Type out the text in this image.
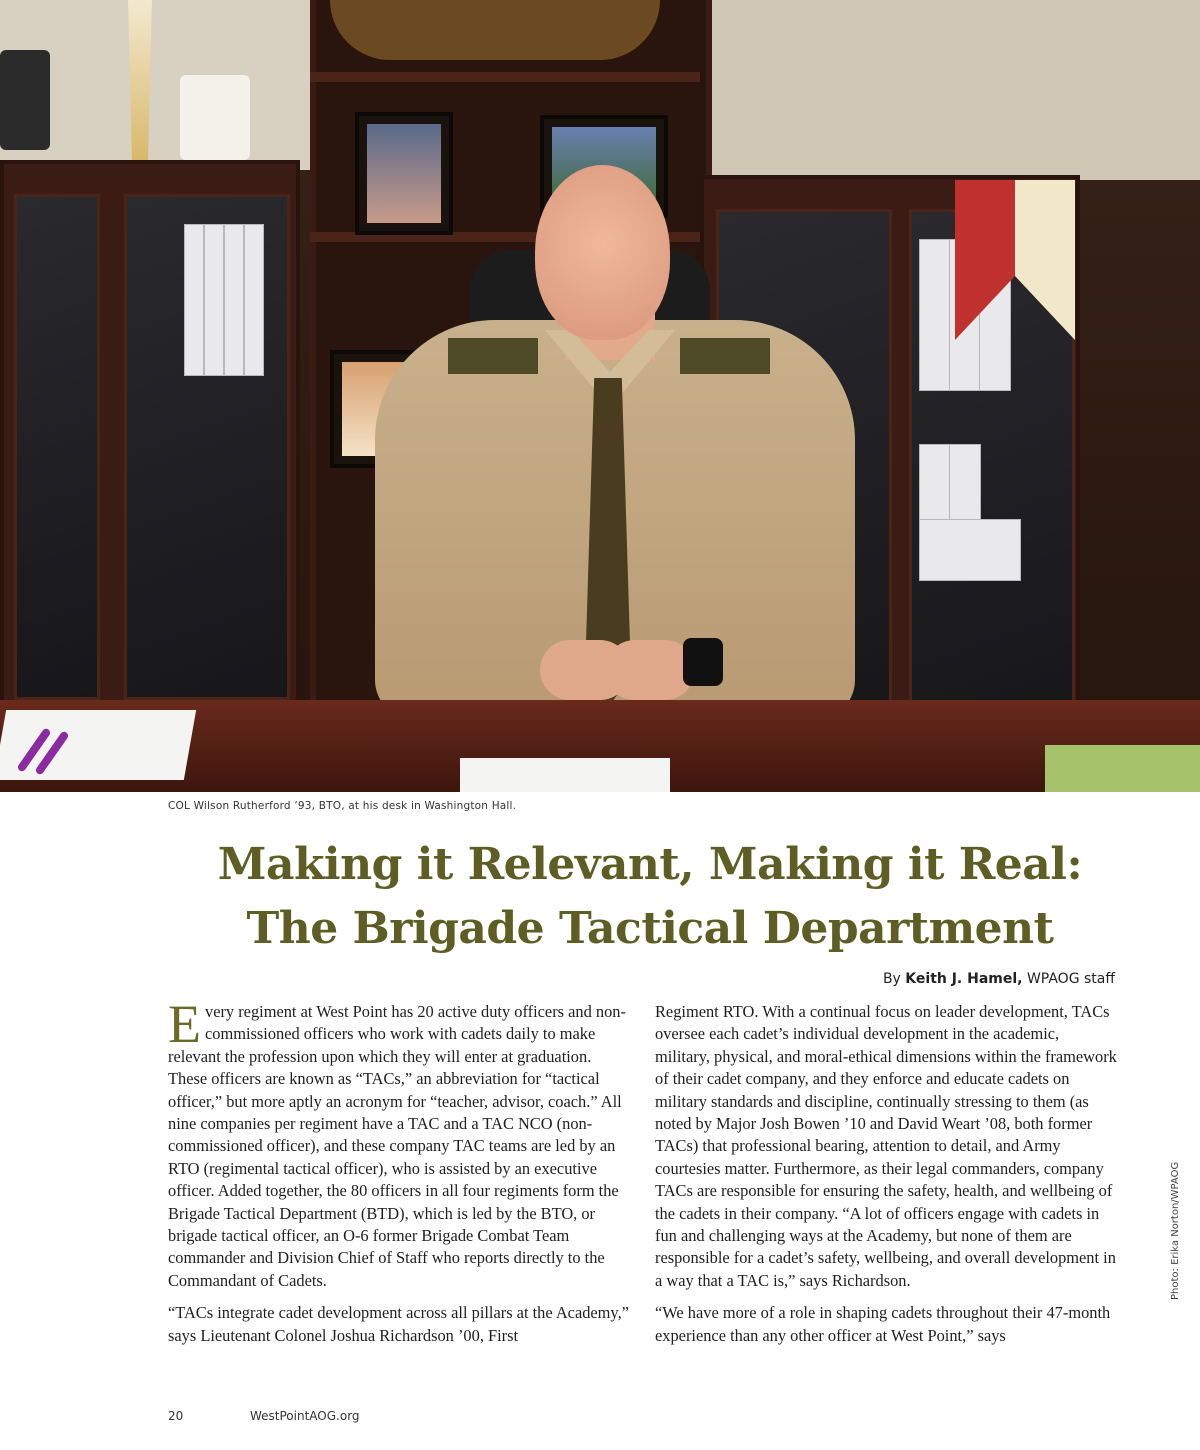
COL Wilson Rutherford ’93, BTO, at his desk in Washington Hall.
Making it Relevant, Making it Real:
The Brigade Tactical Department
By Keith J. Hamel, WPAOG staff

Every regiment at West Point has 20 active duty officers and non-commissioned officers who work with cadets daily to make relevant the profession upon which they will enter at graduation. These officers are known as “TACs,” an abbreviation for “tactical officer,” but more aptly an acronym for “teacher, advisor, coach.” All nine companies per regiment have a TAC and a TAC NCO (non-commissioned officer), and these company TAC teams are led by an RTO (regimental tactical officer), who is assisted by an executive officer. Added together, the 80 officers in all four regiments form the Brigade Tactical Department (BTD), which is led by the BTO, or brigade tactical officer, an O-6 former Brigade Combat Team commander and Division Chief of Staff who reports directly to the Commandant of Cadets.

“TACs integrate cadet development across all pillars at the Academy,” says Lieutenant Colonel Joshua Richardson ’00, First

Regiment RTO. With a continual focus on leader development, TACs oversee each cadet’s individual development in the academic, military, physical, and moral-ethical dimensions within the framework of their cadet company, and they enforce and educate cadets on military standards and discipline, continually stressing to them (as noted by Major Josh Bowen ’10 and David Weart ’08, both former TACs) that professional bearing, attention to detail, and Army courtesies matter. Furthermore, as their legal commanders, company TACs are responsible for ensuring the safety, health, and wellbeing of the cadets in their company. “A lot of officers engage with cadets in fun and challenging ways at the Academy, but none of them are responsible for a cadet’s safety, wellbeing, and overall development in a way that a TAC is,” says Richardson.

“We have more of a role in shaping cadets throughout their 47-month experience than any other officer at West Point,” says

Photo: Erika Norton/WPAOG
20	WestPointAOG.org
